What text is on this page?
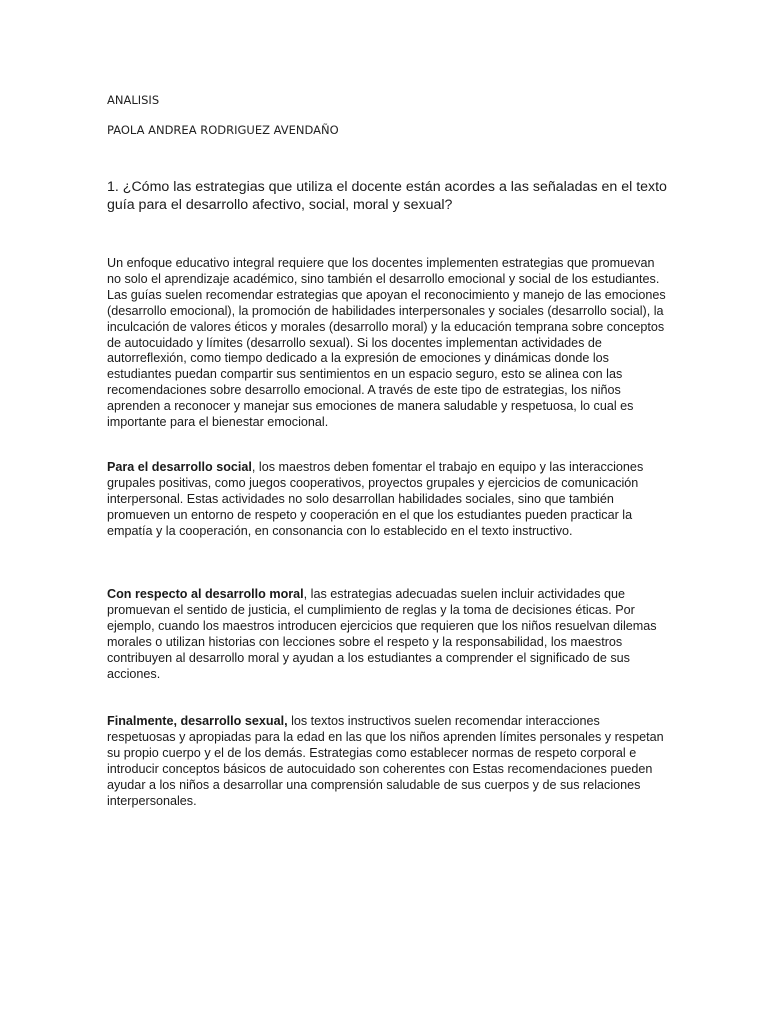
ANALISIS
PAOLA ANDREA RODRIGUEZ AVENDAÑO
1. ¿Cómo las estrategias que utiliza el docente están acordes a las señaladas en el texto guía para el desarrollo afectivo, social, moral y sexual?
Un enfoque educativo integral requiere que los docentes implementen estrategias que promuevan no solo el aprendizaje académico, sino también el desarrollo emocional y social de los estudiantes. Las guías suelen recomendar estrategias que apoyan el reconocimiento y manejo de las emociones (desarrollo emocional), la promoción de habilidades interpersonales y sociales (desarrollo social), la inculcación de valores éticos y morales (desarrollo moral) y la educación temprana sobre conceptos de autocuidado y límites (desarrollo sexual). Si los docentes implementan actividades de autorreflexión, como tiempo dedicado a la expresión de emociones y dinámicas donde los estudiantes puedan compartir sus sentimientos en un espacio seguro, esto se alinea con las recomendaciones sobre desarrollo emocional. A través de este tipo de estrategias, los niños aprenden a reconocer y manejar sus emociones de manera saludable y respetuosa, lo cual es importante para el bienestar emocional.
Para el desarrollo social, los maestros deben fomentar el trabajo en equipo y las interacciones grupales positivas, como juegos cooperativos, proyectos grupales y ejercicios de comunicación interpersonal. Estas actividades no solo desarrollan habilidades sociales, sino que también promueven un entorno de respeto y cooperación en el que los estudiantes pueden practicar la empatía y la cooperación, en consonancia con lo establecido en el texto instructivo.
Con respecto al desarrollo moral, las estrategias adecuadas suelen incluir actividades que promuevan el sentido de justicia, el cumplimiento de reglas y la toma de decisiones éticas. Por ejemplo, cuando los maestros introducen ejercicios que requieren que los niños resuelvan dilemas morales o utilizan historias con lecciones sobre el respeto y la responsabilidad, los maestros contribuyen al desarrollo moral y ayudan a los estudiantes a comprender el significado de sus acciones.
Finalmente, desarrollo sexual, los textos instructivos suelen recomendar interacciones respetuosas y apropiadas para la edad en las que los niños aprenden límites personales y respetan su propio cuerpo y el de los demás. Estrategias como establecer normas de respeto corporal e introducir conceptos básicos de autocuidado son coherentes con Estas recomendaciones pueden ayudar a los niños a desarrollar una comprensión saludable de sus cuerpos y de sus relaciones interpersonales.
